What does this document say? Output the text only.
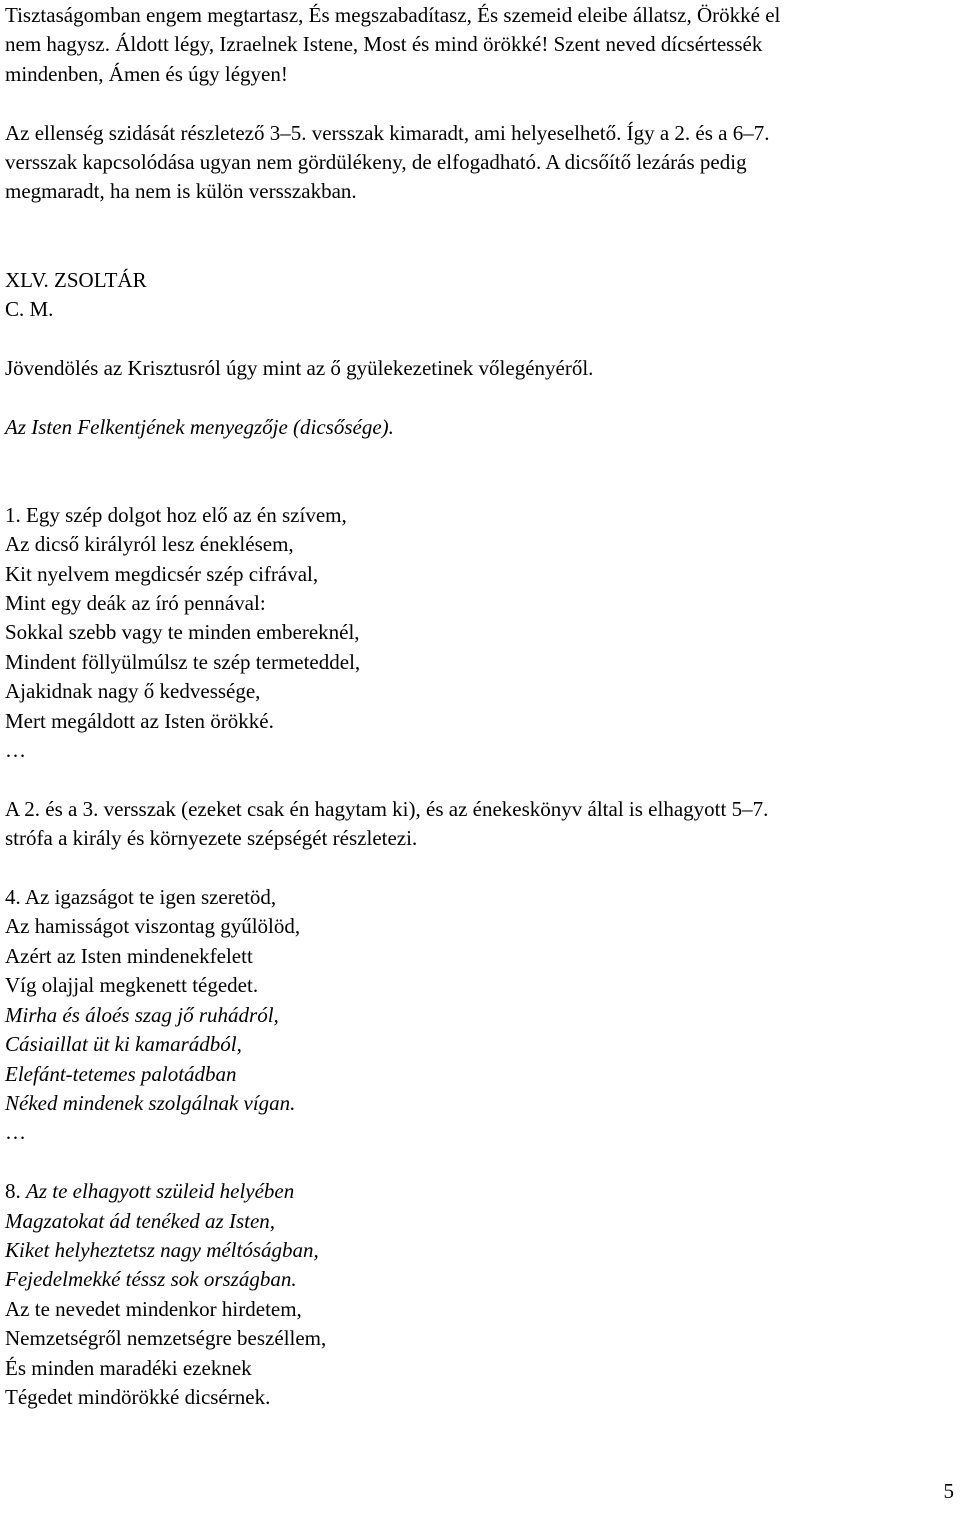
Tisztaságomban engem megtartasz, És megszabadítasz, És szemeid eleibe állatsz, Örökké el
nem hagysz. Áldott légy, Izraelnek Istene, Most és mind örökké! Szent neved dícsértessék
mindenben, Ámen és úgy légyen!
Az ellenség szidását részletező 3–5. versszak kimaradt, ami helyeselhető. Így a 2. és a 6–7.
versszak kapcsolódása ugyan nem gördülékeny, de elfogadható. A dicsőítő lezárás pedig
megmaradt, ha nem is külön versszakban.
XLV. ZSOLTÁR
C. M.

Jövendölés az Krisztusról úgy mint az ő gyülekezetinek vőlegényéről.

Az Isten Felkentjének menyegzője (dicsősége).

1. Egy szép dolgot hoz elő az én szívem,
Az dicső királyról lesz éneklésem,
Kit nyelvem megdicsér szép cifrával,
Mint egy deák az író pennával:
Sokkal szebb vagy te minden embereknél,
Mindent föllyülmúlsz te szép termeteddel,
Ajakidnak nagy ő kedvessége,
Mert megáldott az Isten örökké.
…
A 2. és a 3. versszak (ezeket csak én hagytam ki), és az énekeskönyv által is elhagyott 5–7.
strófa a király és környezete szépségét részletezi.
4. Az igazságot te igen szeretöd,
Az hamisságot viszontag gyűlölöd,
Azért az Isten mindenekfelett
Víg olajjal megkenett tégedet.
Mirha és áloés szag jő ruhádról,
Cásiaillat üt ki kamarádból,
Elefánt-tetemes palotádban
Néked mindenek szolgálnak vígan.
…
8. Az te elhagyott szüleid helyében
Magzatokat ád tenéked az Isten,
Kiket helyheztetsz nagy méltóságban,
Fejedelmekké téssz sok országban.
Az te nevedet mindenkor hirdetem,
Nemzetségről nemzetségre beszéllem,
És minden maradéki ezeknek
Tégedet mindörökké dicsérnek.
5
